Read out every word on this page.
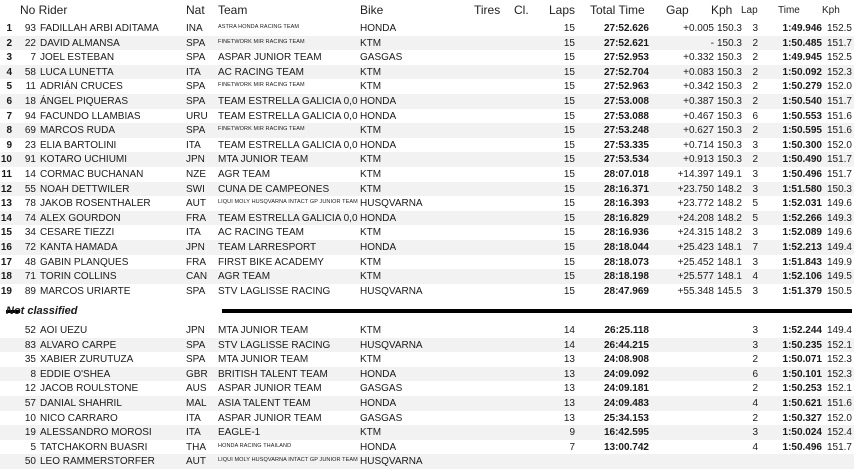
No Rider	Nat Team	Bike	Tires Cl. Laps Total Time Gap Kph Lap Time Kph
1	93 FADILLAH ARBI ADITAMA	INA	ASTRA HONDA RACING TEAM	HONDA	15	27:52.626	+0.005 150.3	3	1:49.946 152.5
2	22 DAVID ALMANSA	SPA FINETWORK MIR RACING TEAM	KTM	15	27:52.621	- 150.3	2	1:50.485 151.7
3	7 JOEL ESTEBAN	SPA ASPAR JUNIOR TEAM	GASGAS	15	27:52.953	+0.332 150.3	2	1:49.945 152.5
4	58 LUCA LUNETTA	ITA AC RACING TEAM	KTM	15	27:52.704	+0.083 150.3	2	1:50.092 152.3
5	11 ADRIÁN CRUCES	SPA FINETWORK MIR RACING TEAM	KTM	15	27:52.963	+0.342 150.3	2	1:50.279 152.0
6	18 ÁNGEL PIQUERAS	SPA TEAM ESTRELLA GALICIA 0,0 HONDA	15	27:53.008	+0.387 150.3	2	1:50.540 151.7
7	94 FACUNDO LLAMBIAS	URU TEAM ESTRELLA GALICIA 0,0 HONDA	15	27:53.088	+0.467 150.3	6	1:50.553 151.6
8	69 MARCOS RUDA	SPA FINETWORK MIR RACING TEAM	KTM	15	27:53.248	+0.627 150.3	2	1:50.595 151.6
9	23 ELIA BARTOLINI	ITA TEAM ESTRELLA GALICIA 0,0 HONDA	15	27:53.335	+0.714 150.3	3	1:50.300 152.0
10	91 KOTARO UCHIUMI	JPN MTA JUNIOR TEAM	KTM	15	27:53.534	+0.913 150.3	2	1:50.490 151.7
11	14 CORMAC BUCHANAN	NZE AGR TEAM	KTM	15	28:07.018	+14.397 149.1	3	1:50.496 151.7
12	55 NOAH DETTWILER	SWI CUNA DE CAMPEONES	KTM	15	28:16.371	+23.750 148.2	3	1:51.580 150.3
13	78 JAKOB ROSENTHALER	AUT LIQUI MOLY HUSQVARNA INTACT GP JUNIOR TEAM HUSQVARNA	15	28:16.393	+23.772 148.2	5	1:52.031 149.6
14	74 ALEX GOURDON	FRA TEAM ESTRELLA GALICIA 0,0 HONDA	15	28:16.829	+24.208 148.2	5	1:52.266 149.3
15	34 CESARE TIEZZI	ITA AC RACING TEAM	KTM	15	28:16.936	+24.315 148.2	3	1:52.089 149.6
16	72 KANTA HAMADA	JPN TEAM LARRESPORT	HONDA	15	28:18.044	+25.423 148.1	7	1:52.213 149.4
17	48 GABIN PLANQUES	FRA FIRST BIKE ACADEMY	KTM	15	28:18.073	+25.452 148.1	3	1:51.843 149.9
18	71 TORIN COLLINS	CAN AGR TEAM	KTM	15	28:18.198	+25.577 148.1	4	1:52.106 149.5
19	89 MARCOS URIARTE	SPA STV LAGLISSE RACING	HUSQVARNA	15	28:47.969	+55.348 145.5	3	1:51.379 150.5
Not classified
52 AOI UEZU	JPN MTA JUNIOR TEAM	KTM	14	26:25.118	3	1:52.244 149.4
83 ALVARO CARPE	SPA STV LAGLISSE RACING	HUSQVARNA	14	26:44.215	3	1:50.235 152.1
35 XABIER ZURUTUZA	SPA MTA JUNIOR TEAM	KTM	13	24:08.908	2	1:50.071 152.3
8 EDDIE O'SHEA	GBR BRITISH TALENT TEAM	HONDA	13	24:09.092	6	1:50.101 152.3
12 JACOB ROULSTONE	AUS ASPAR JUNIOR TEAM	GASGAS	13	24:09.181	2	1:50.253 152.1
57 DANIAL SHAHRIL	MAL ASIA TALENT TEAM	HONDA	13	24:09.483	4	1:50.621 151.6
10 NICO CARRARO	ITA ASPAR JUNIOR TEAM	GASGAS	13	25:34.153	2	1:50.327 152.0
19 ALESSANDRO MOROSI	ITA EAGLE-1	KTM	9	16:42.595	3	1:50.024 152.4
5 TATCHAKORN BUASRI	THA HONDA RACING THAILAND	HONDA	7	13:00.742	4	1:50.496 151.7
50 LEO RAMMERSTORFER	AUT LIQUI MOLY HUSQVARNA INTACT GP JUNIOR TEAM HUSQVARNA
